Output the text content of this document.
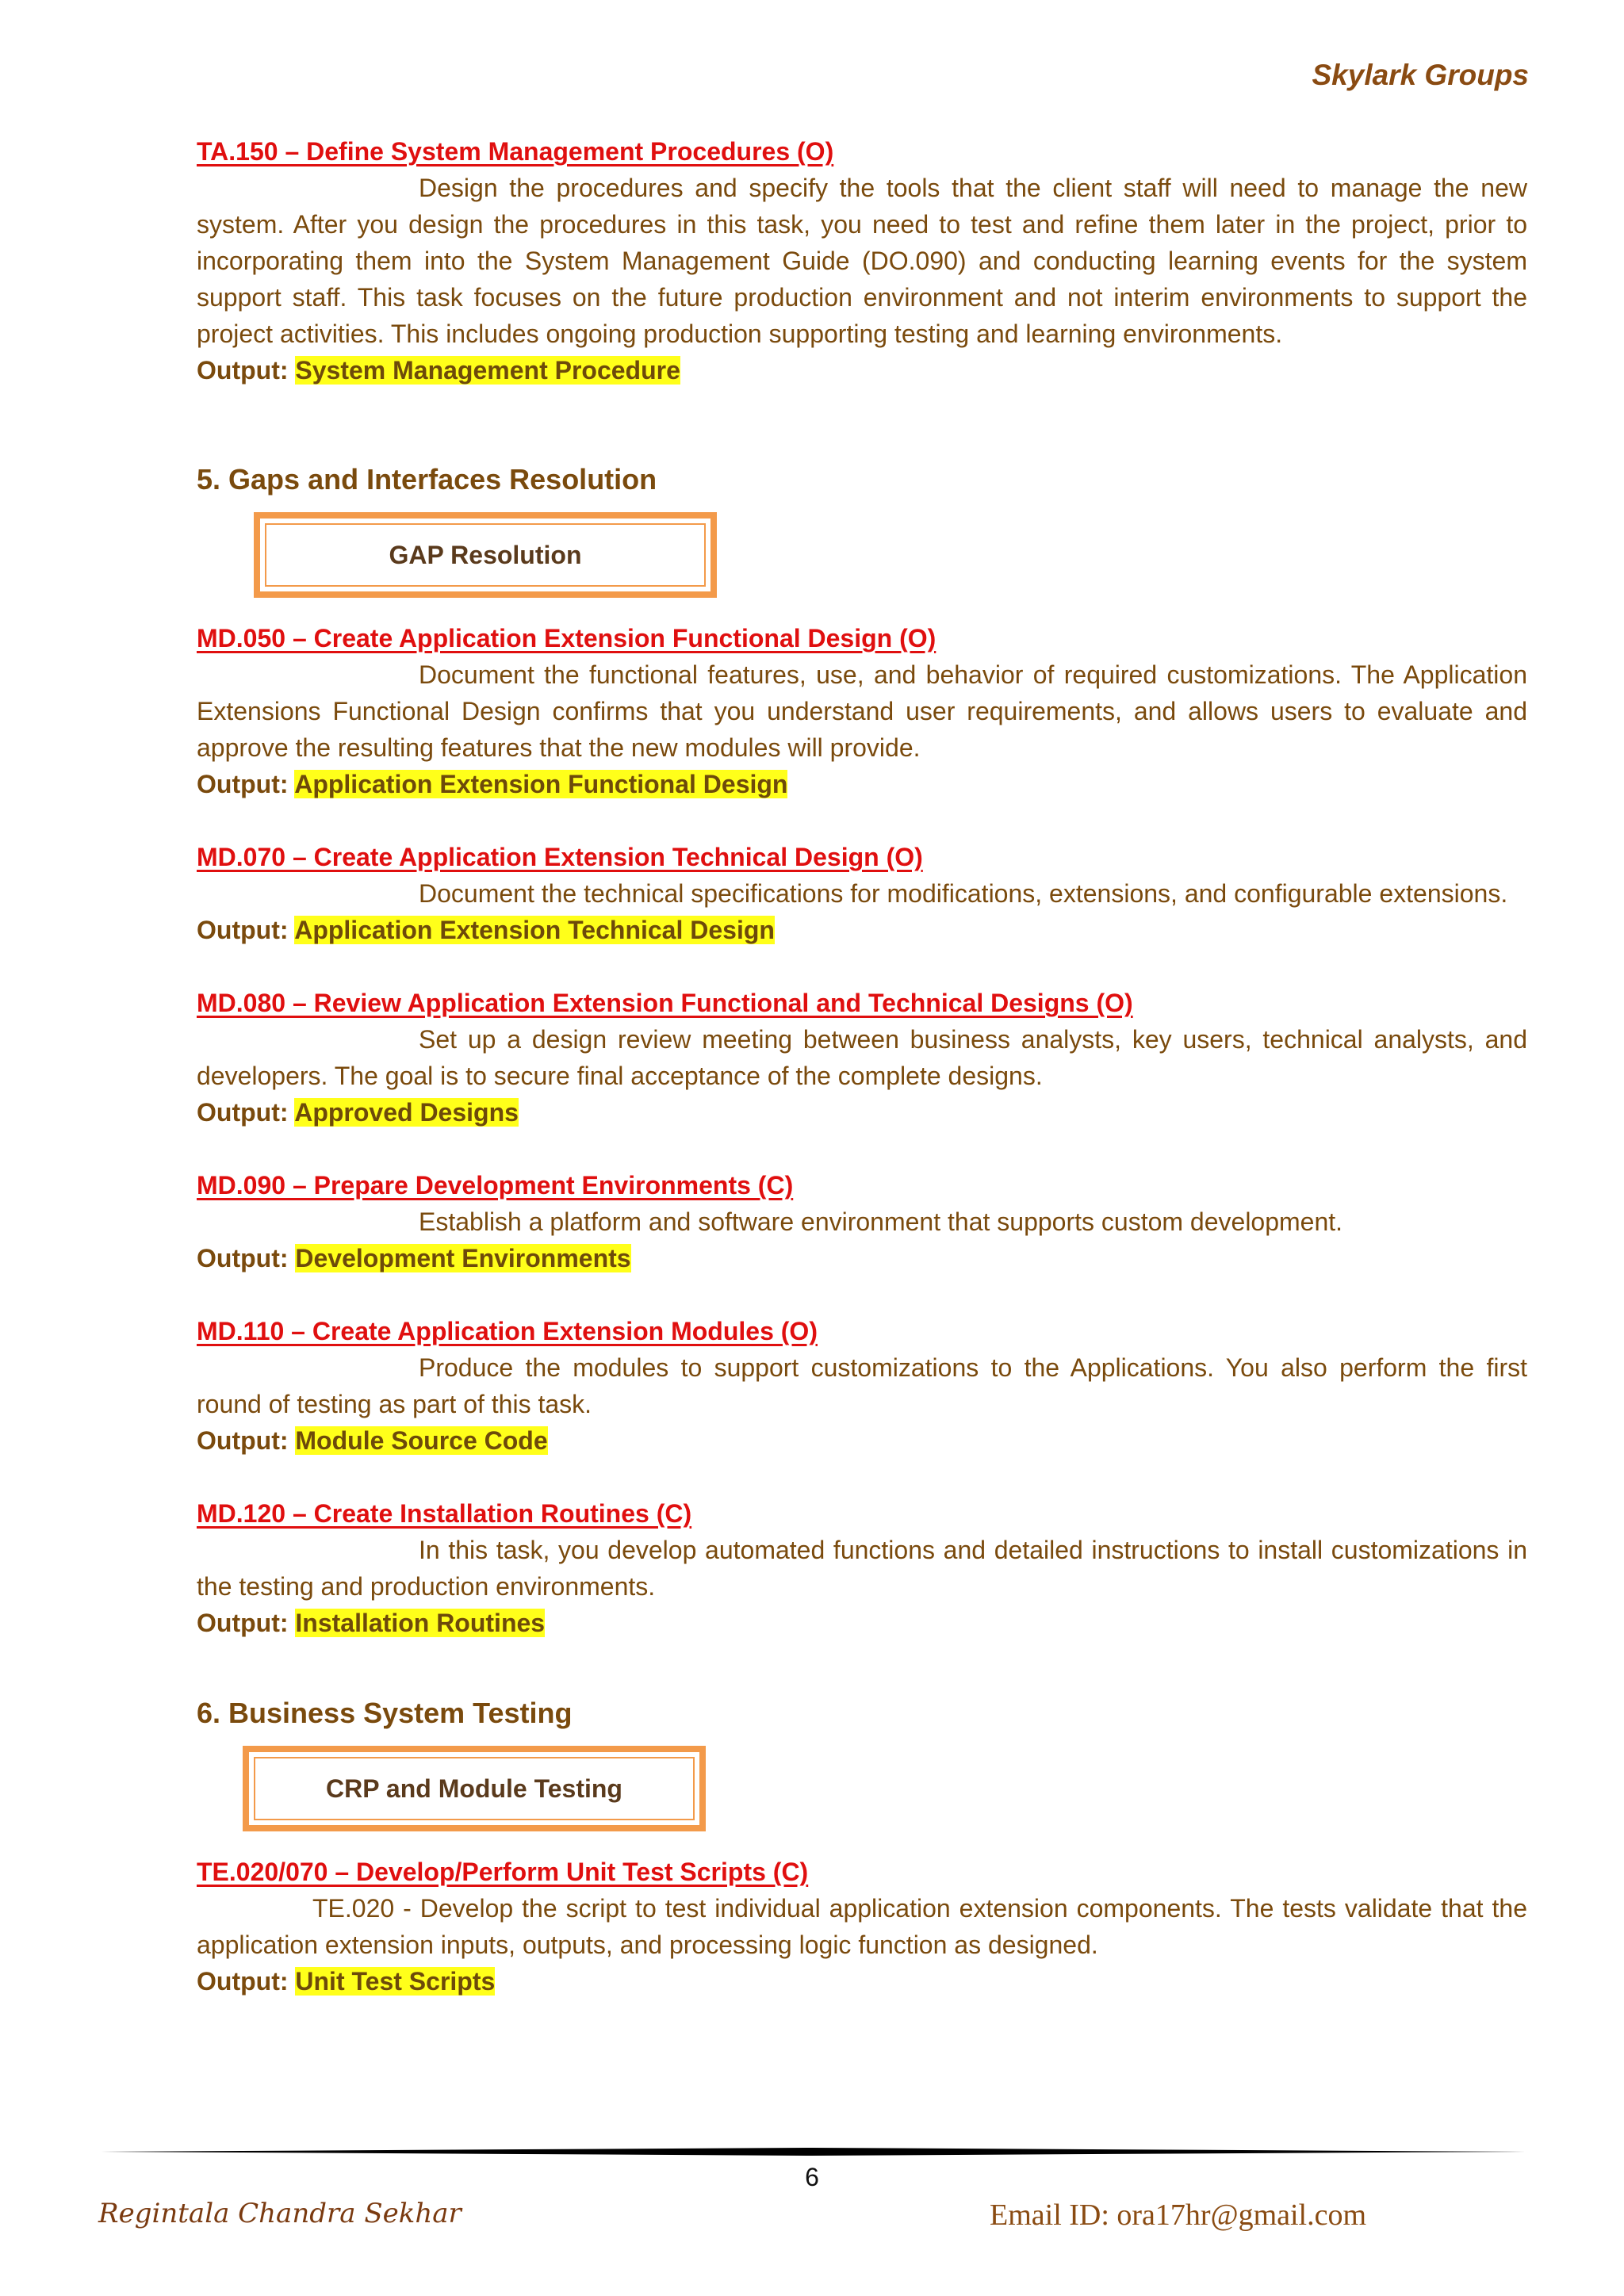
Skylark Groups
TA.150 – Define System Management Procedures (O)
Design the procedures and specify the tools that the client staff will need to manage the new system. After you design the procedures in this task, you need to test and refine them later in the project, prior to incorporating them into the System Management Guide (DO.090) and conducting learning events for the system support staff. This task focuses on the future production environment and not interim environments to support the project activities. This includes ongoing production supporting testing and learning environments.
Output: System Management Procedure
5. Gaps and Interfaces Resolution
GAP Resolution
MD.050 – Create Application Extension Functional Design (O)
Document the functional features, use, and behavior of required customizations. The Application Extensions Functional Design confirms that you understand user requirements, and allows users to evaluate and approve the resulting features that the new modules will provide.
Output: Application Extension Functional Design
MD.070 – Create Application Extension Technical Design (O)
Document the technical specifications for modifications, extensions, and configurable extensions.
Output: Application Extension Technical Design
MD.080 – Review Application Extension Functional and Technical Designs (O)
Set up a design review meeting between business analysts, key users, technical analysts, and developers. The goal is to secure final acceptance of the complete designs.
Output: Approved Designs
MD.090 – Prepare Development Environments (C)
Establish a platform and software environment that supports custom development.
Output: Development Environments
MD.110 – Create Application Extension Modules (O)
Produce the modules to support customizations to the Applications. You also perform the first round of testing as part of this task.
Output: Module Source Code
MD.120 – Create Installation Routines (C)
In this task, you develop automated functions and detailed instructions to install customizations in the testing and production environments.
Output: Installation Routines
6. Business System Testing
CRP and Module Testing
TE.020/070 – Develop/Perform Unit Test Scripts (C)
TE.020 - Develop the script to test individual application extension components. The tests validate that the application extension inputs, outputs, and processing logic function as designed.
Output: Unit Test Scripts
6
Regintala Chandra Sekhar	Email ID: ora17hr@gmail.com
